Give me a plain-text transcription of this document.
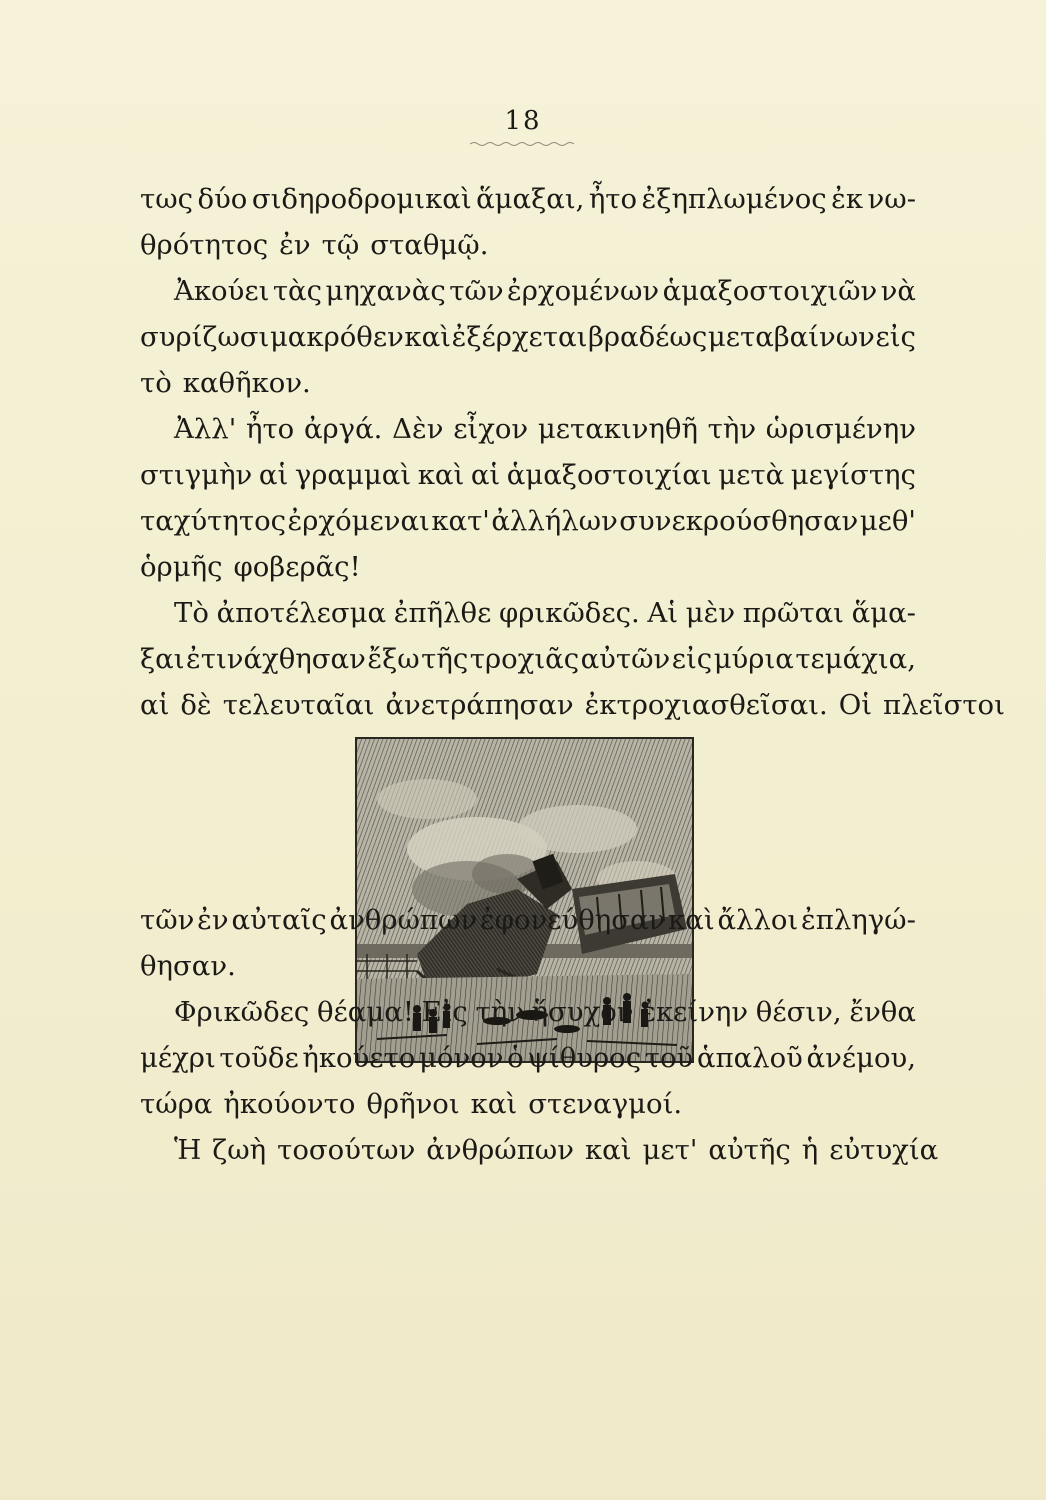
18
τως δύο σιδηροδρομικαὶ ἅμαξαι, ἦτο ἐξηπλωμένος ἐκ νω-
θρότητος ἐν τῷ σταθμῷ.
Ἀκούει τὰς μηχανὰς τῶν ἐρχομένων ἁμαξοστοιχιῶν νὰ
συρίζωσι μακρόθεν καὶ ἐξέρχεται βραδέως μεταβαίνων εἰς
τὸ καθῆκον.
Ἀλλ' ἦτο ἀργά. Δὲν εἶχον μετακινηθῆ τὴν ὡρισμένην
στιγμὴν αἱ γραμμαὶ καὶ αἱ ἁμαξοστοιχίαι μετὰ μεγίστης
ταχύτητος ἐρχόμεναι κατ' ἀλλήλων συνεκρούσθησαν μεθ'
ὁρμῆς φοβερᾶς!
Τὸ ἀποτέλεσμα ἐπῆλθε φρικῶδες. Αἱ μὲν πρῶται ἅμα-
ξαι ἐτινάχθησαν ἔξω τῆς τροχιᾶς αὐτῶν εἰς μύρια τεμάχια,
αἱ δὲ τελευταῖαι ἀνετράπησαν ἐκτροχιασθεῖσαι. Οἱ πλεῖστοι
τῶν ἐν αὐταῖς ἀνθρώπων ἐφονεύθησαν καὶ ἄλλοι ἐπληγώ-
θησαν.
Φρικῶδες θέαμα! Εἰς τὴν ἥσυχον ἐκείνην θέσιν, ἔνθα
μέχρι τοῦδε ἠκούετο μόνον ὁ ψίθυρος τοῦ ἁπαλοῦ ἀνέμου,
τώρα ἠκούοντο θρῆνοι καὶ στεναγμοί.
Ἡ ζωὴ τοσούτων ἀνθρώπων καὶ μετ' αὐτῆς ἡ εὐτυχία
